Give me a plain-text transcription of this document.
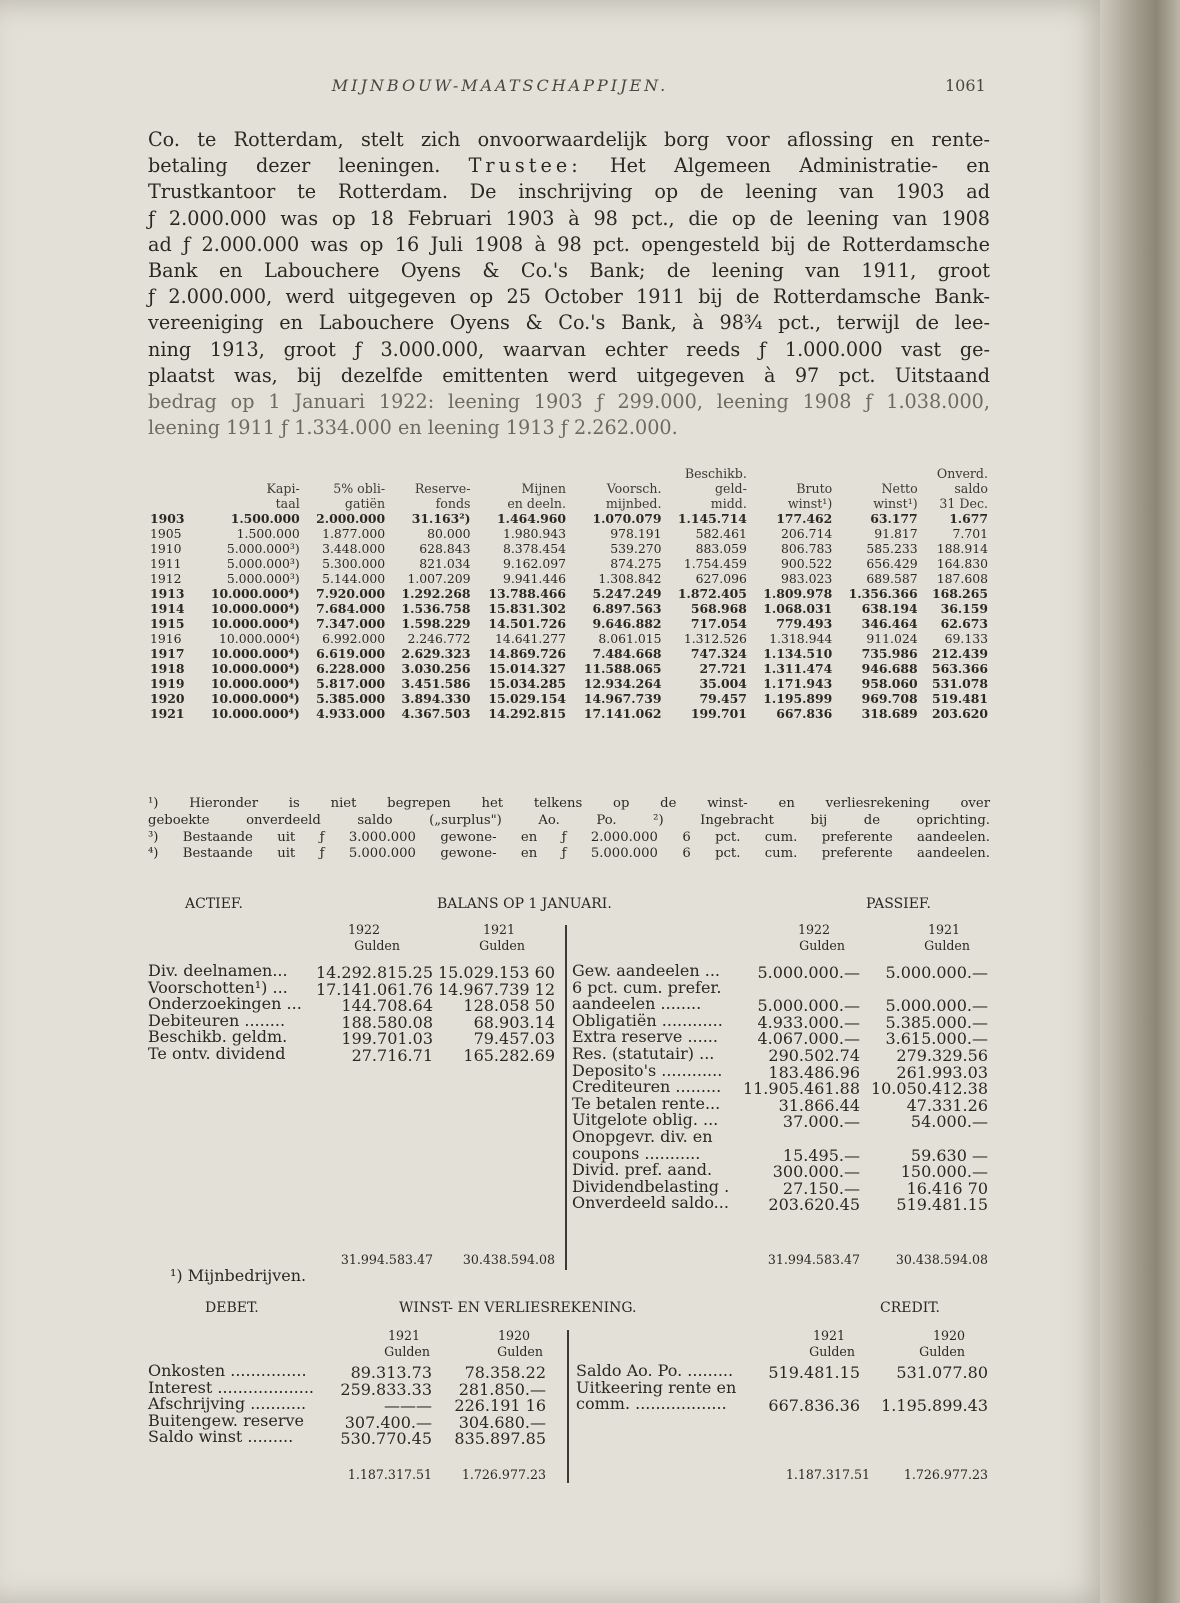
MIJNBOUW-MAATSCHAPPIJEN.	1061
Co. te Rotterdam, stelt zich onvoorwaardelijk borg voor aflossing en rente-
betaling dezer leeningen. Trustee: Het Algemeen Administratie- en
Trustkantoor te Rotterdam. De inschrijving op de leening van 1903 ad
ƒ 2.000.000 was op 18 Februari 1903 à 98 pct., die op de leening van 1908
ad ƒ 2.000.000 was op 16 Juli 1908 à 98 pct. opengesteld bij de Rotterdamsche
Bank en Labouchere Oyens & Co.'s Bank; de leening van 1911, groot
ƒ 2.000.000, werd uitgegeven op 25 October 1911 bij de Rotterdamsche Bank-
vereeniging en Labouchere Oyens & Co.'s Bank, à 98¾ pct., terwijl de lee-
ning 1913, groot ƒ 3.000.000, waarvan echter reeds ƒ 1.000.000 vast ge-
plaatst was, bij dezelfde emittenten werd uitgegeven à 97 pct. Uitstaand
bedrag op 1 Januari 1922: leening 1903 ƒ 299.000, leening 1908 ƒ 1.038.000,
leening 1911 ƒ 1.334.000 en leening 1913 ƒ 2.262.000.
						Beschikb.			Onverd.
	Kapi-	5% obli-	Reserve-	Mijnen	Voorsch.	geld-	Bruto	Netto	saldo
	taal	gatiën	fonds	en deeln.	mijnbed.	midd.	winst¹)	winst¹)	31 Dec.
1903	1.500.000	2.000.000	31.163²)	1.464.960	1.070.079	1.145.714	177.462	63.177	1.677
1905	1.500.000	1.877.000	80.000	1.980.943	978.191	582.461	206.714	91.817	7.701
1910	5.000.000³)	3.448.000	628.843	8.378.454	539.270	883.059	806.783	585.233	188.914
1911	5.000.000³)	5.300.000	821.034	9.162.097	874.275	1.754.459	900.522	656.429	164.830
1912	5.000.000³)	5.144.000	1.007.209	9.941.446	1.308.842	627.096	983.023	689.587	187.608
1913	10.000.000⁴)	7.920.000	1.292.268	13.788.466	5.247.249	1.872.405	1.809.978	1.356.366	168.265
1914	10.000.000⁴)	7.684.000	1.536.758	15.831.302	6.897.563	568.968	1.068.031	638.194	36.159
1915	10.000.000⁴)	7.347.000	1.598.229	14.501.726	9.646.882	717.054	779.493	346.464	62.673
1916	10.000.000⁴)	6.992.000	2.246.772	14.641.277	8.061.015	1.312.526	1.318.944	911.024	69.133
1917	10.000.000⁴)	6.619.000	2.629.323	14.869.726	7.484.668	747.324	1.134.510	735.986	212.439
1918	10.000.000⁴)	6.228.000	3.030.256	15.014.327	11.588.065	27.721	1.311.474	946.688	563.366
1919	10.000.000⁴)	5.817.000	3.451.586	15.034.285	12.934.264	35.004	1.171.943	958.060	531.078
1920	10.000.000⁴)	5.385.000	3.894.330	15.029.154	14.967.739	79.457	1.195.899	969.708	519.481
1921	10.000.000⁴)	4.933.000	4.367.503	14.292.815	17.141.062	199.701	667.836	318.689	203.620
¹) Hieronder is niet begrepen het telkens op de winst- en verliesrekening over
geboekte onverdeeld saldo („surplus") Ao. Po. ²) Ingebracht bij de oprichting.
³) Bestaande uit ƒ 3.000.000 gewone- en ƒ 2.000.000 6 pct. cum. preferente aandeelen.
⁴) Bestaande uit ƒ 5.000.000 gewone- en ƒ 5.000.000 6 pct. cum. preferente aandeelen.
ACTIEF.	BALANS OP 1 JANUARI.	PASSIEF.
1922	1921
Gulden	Gulden
1922	1921
Gulden	Gulden
Div. deelnamen...	14.292.815.25 15.029.153 60
Voorschotten¹) ...	17.141.061.76 14.967.739 12
Onderzoekingen ...	144.708.64	128.058 50
Debiteuren ........	188.580.08	68.903.14
Beschikb. geldm.	199.701.03	79.457.03
Te ontv. dividend	27.716.71	165.282.69
Gew. aandeelen ...	5.000.000.—	5.000.000.—
6 pct. cum. prefer.
aandeelen ........	5.000.000.—	5.000.000.—
Obligatiën ............	4.933.000.—	5.385.000.—
Extra reserve ......	4.067.000.—	3.615.000.—
Res. (statutair) ...	290.502.74	279.329.56
Deposito's ............	183.486.96	261.993.03
Crediteuren .........	11.905.461.88 10.050.412.38
Te betalen rente...	31.866.44	47.331.26
Uitgelote oblig. ...	37.000.—	54.000.—
Onopgevr. div. en
coupons ...........	15.495.—	59.630 —
Divid. pref. aand.	300.000.—	150.000.—
Dividendbelasting .	27.150.—	16.416 70
Onverdeeld saldo...	203.620.45	519.481.15
31.994.583.47	30.438.594.08	31.994.583.47	30.438.594.08
¹) Mijnbedrijven.
DEBET.	WINST- EN VERLIESREKENING.	CREDIT.
1921	1920
Gulden	Gulden
1921	1920
Gulden	Gulden
Onkosten ...............	89.313.73	78.358.22
Interest ...................	259.833.33	281.850.—
Afschrijving ...........	———	226.191 16
Buitengew. reserve	307.400.—	304.680.—
Saldo winst .........	530.770.45	835.897.85
Saldo Ao. Po. .........	519.481.15	531.077.80
Uitkeering rente en
comm. ..................	667.836.36	1.195.899.43
1.187.317.51	1.726.977.23	1.187.317.51	1.726.977.23
